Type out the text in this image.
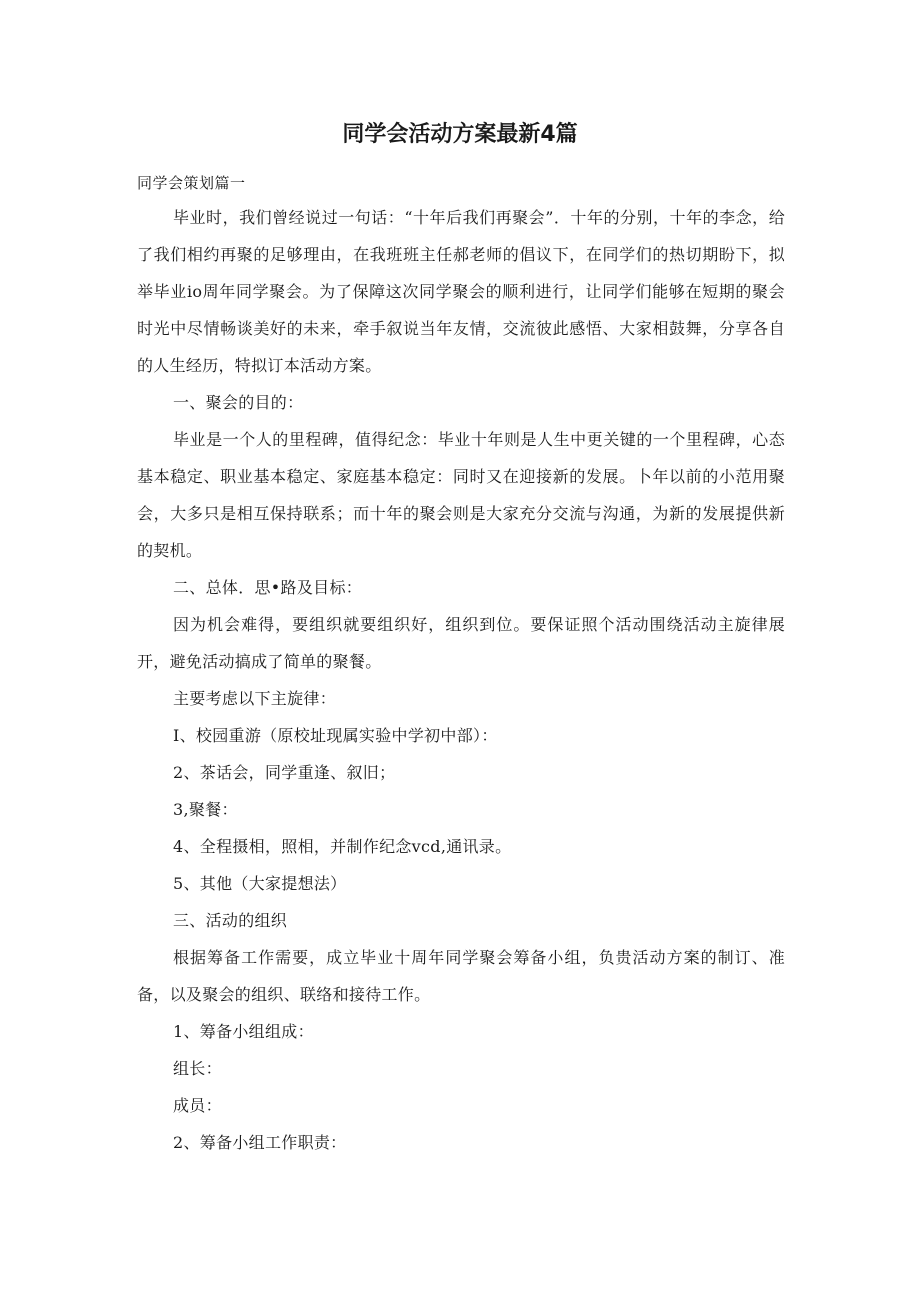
同学会活动方案最新4篇

同学会策划篇一

毕业时，我们曾经说过一句话：“十年后我们再聚会”．十年的分别，十年的李念，给了我们相约再聚的足够理由，在我班班主任郝老师的倡议下，在同学们的热切期盼下，拟举毕业io周年同学聚会。为了保障这次同学聚会的顺利进行，让同学们能够在短期的聚会时光中尽情畅谈美好的未来，牵手叙说当年友情，交流彼此感悟、大家相鼓舞，分享各自的人生经历，特拟订本活动方案。

一、聚会的目的：

毕业是一个人的里程碑，值得纪念：毕业十年则是人生中更关键的一个里程碑，心态基本稳定、职业基本稳定、家庭基本稳定：同时又在迎接新的发展。卜年以前的小范用聚会，大多只是相互保持联系；而十年的聚会则是大家充分交流与沟通，为新的发展提供新的契机。

二、总体．思•路及目标：

因为机会难得，要组织就要组织好，组织到位。要保证照个活动围绕活动主旋律展开，避免活动搞成了简单的聚餐。

主要考虑以下主旋律：

I、校园重游（原校址现属实验中学初中部）：

2、茶话会，同学重逢、叙旧；

3,聚餐：

4、全程摄相，照相，并制作纪念vcd,通讯录。

5、其他（大家提想法）

三、活动的组织

根据筹备工作需要，成立毕业十周年同学聚会筹备小组，负贵活动方案的制订、准备，以及聚会的组织、联络和接待工作。

1、筹备小组组成：

组长：

成员：

2、筹备小组工作职责：
